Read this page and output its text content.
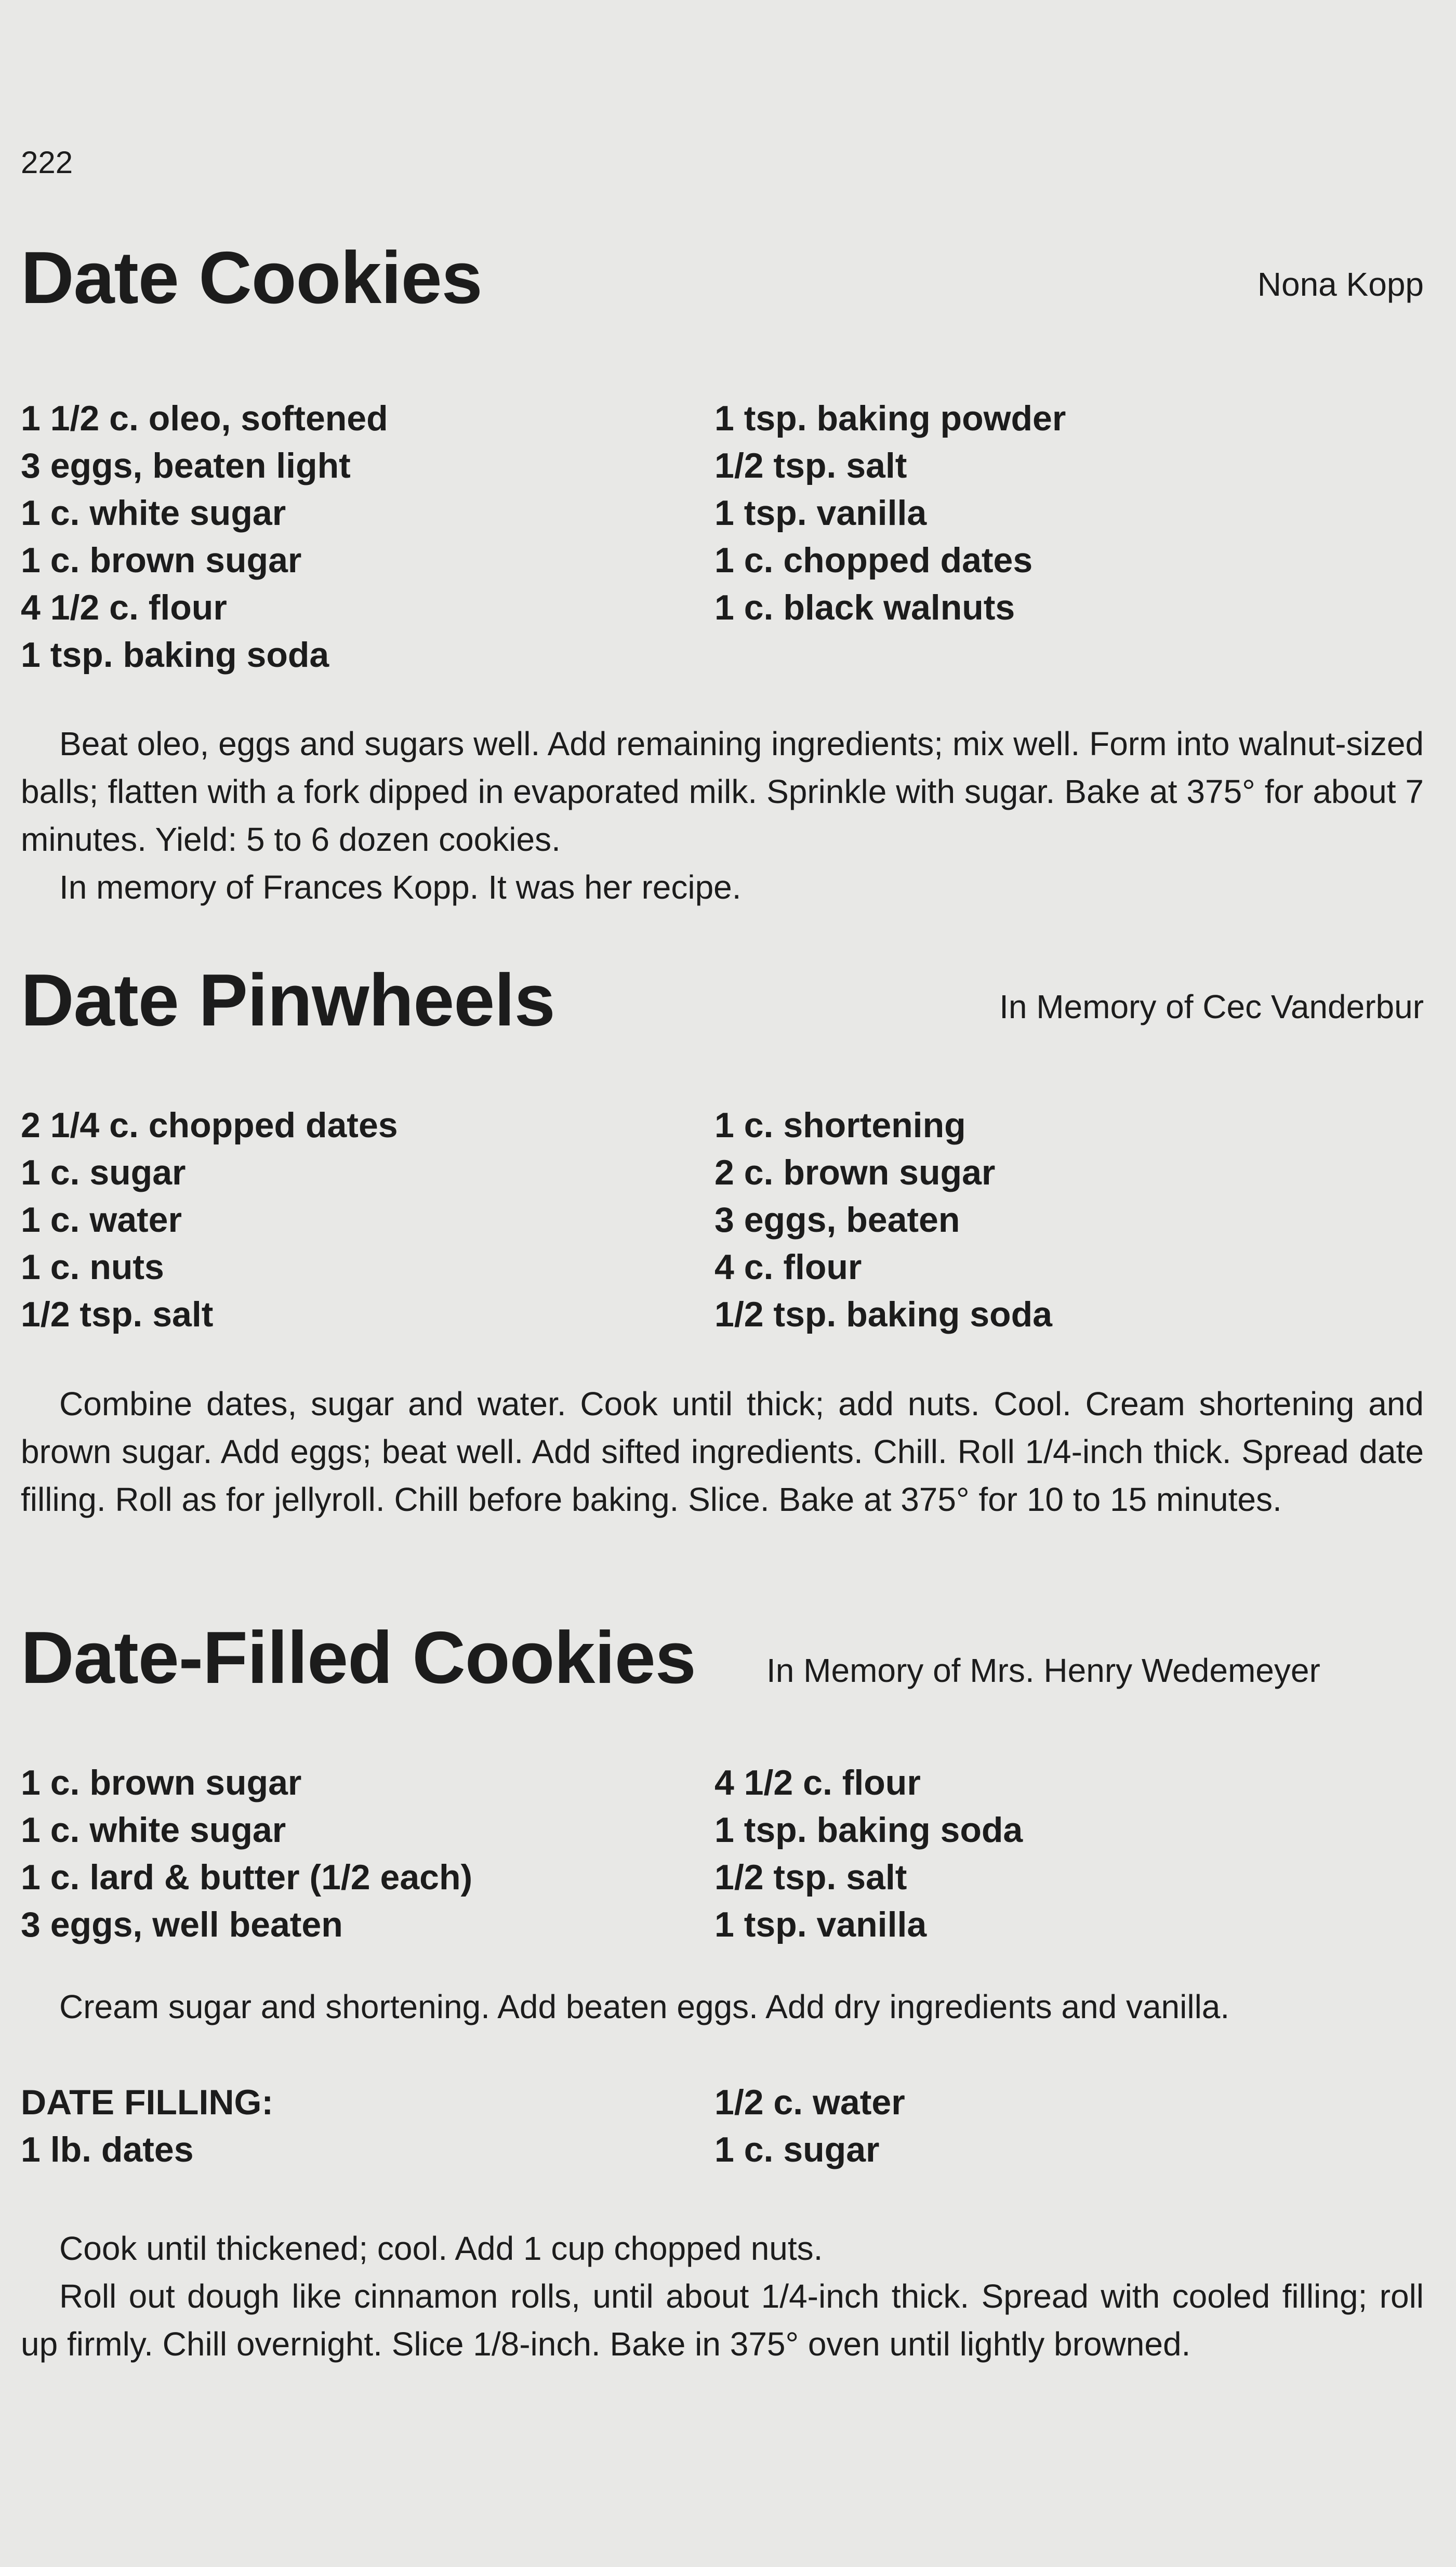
222
Date Cookies	Nona Kopp
1 1/2 c. oleo, softened
3 eggs, beaten light
1 c. white sugar
1 c. brown sugar
4 1/2 c. flour
1 tsp. baking soda
1 tsp. baking powder
1/2 tsp. salt
1 tsp. vanilla
1 c. chopped dates
1 c. black walnuts

Beat oleo, eggs and sugars well. Add remaining ingredients; mix well. Form into walnut-sized balls; flatten with a fork dipped in evaporated milk. Sprinkle with sugar. Bake at 375° for about 7 minutes. Yield: 5 to 6 dozen cookies.

In memory of Frances Kopp. It was her recipe.

Date Pinwheels	In Memory of Cec Vanderbur
2 1/4 c. chopped dates
1 c. sugar
1 c. water
1 c. nuts
1/2 tsp. salt
1 c. shortening
2 c. brown sugar
3 eggs, beaten
4 c. flour
1/2 tsp. baking soda

Combine dates, sugar and water. Cook until thick; add nuts. Cool. Cream shortening and brown sugar. Add eggs; beat well. Add sifted ingredients. Chill. Roll 1/4-inch thick. Spread date filling. Roll as for jellyroll. Chill before baking. Slice. Bake at 375° for 10 to 15 minutes.

Date-Filled Cookies In Memory of Mrs. Henry Wedemeyer
1 c. brown sugar
1 c. white sugar
1 c. lard & butter (1/2 each)
3 eggs, well beaten
4 1/2 c. flour
1 tsp. baking soda
1/2 tsp. salt
1 tsp. vanilla

Cream sugar and shortening. Add beaten eggs. Add dry ingredients and vanilla.

DATE FILLING:
1 lb. dates
1/2 c. water
1 c. sugar

Cook until thickened; cool. Add 1 cup chopped nuts.

Roll out dough like cinnamon rolls, until about 1/4-inch thick. Spread with cooled filling; roll up firmly. Chill overnight. Slice 1/8-inch. Bake in 375° oven until lightly browned.
